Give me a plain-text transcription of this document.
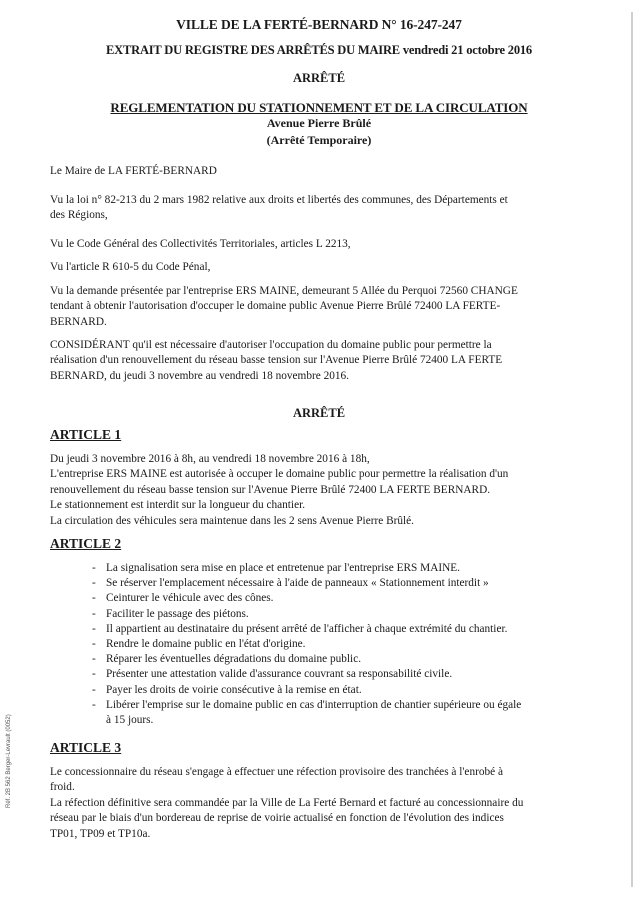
VILLE DE LA FERTÉ-BERNARD N° 16-247-247
EXTRAIT DU REGISTRE DES ARRÊTÉS DU MAIRE vendredi 21 octobre 2016
ARRÊTÉ
REGLEMENTATION DU STATIONNEMENT ET DE LA CIRCULATION
Avenue Pierre Brûlé
(Arrêté Temporaire)
Le Maire de LA FERTÉ-BERNARD
Vu la loi n° 82-213 du 2 mars 1982 relative aux droits et libertés des communes, des Départements et
des Régions,
Vu le Code Général des Collectivités Territoriales, articles L 2213,
Vu l'article R 610-5 du Code Pénal,
Vu la demande présentée par l'entreprise ERS MAINE, demeurant 5 Allée du Perquoi 72560 CHANGE
tendant à obtenir l'autorisation d'occuper le domaine public Avenue Pierre Brûlé 72400 LA FERTE-
BERNARD.
CONSIDÉRANT qu'il est nécessaire d'autoriser l'occupation du domaine public pour permettre la
réalisation d'un renouvellement du réseau basse tension sur l'Avenue Pierre Brûlé 72400 LA FERTE
BERNARD, du jeudi 3 novembre au vendredi 18 novembre 2016.
ARRÊTÉ
ARTICLE 1
Du jeudi 3 novembre 2016 à 8h, au vendredi 18 novembre 2016 à 18h,
L'entreprise ERS MAINE est autorisée à occuper le domaine public pour permettre la réalisation d'un
renouvellement du réseau basse tension sur l'Avenue Pierre Brûlé 72400 LA FERTE BERNARD.
Le stationnement est interdit sur la longueur du chantier.
La circulation des véhicules sera maintenue dans les 2 sens Avenue Pierre Brûlé.
ARTICLE 2
- La signalisation sera mise en place et entretenue par l'entreprise ERS MAINE.
- Se réserver l'emplacement nécessaire à l'aide de panneaux « Stationnement interdit »
- Ceinturer le véhicule avec des cônes.
- Faciliter le passage des piétons.
- Il appartient au destinataire du présent arrêté de l'afficher à chaque extrémité du chantier.
- Rendre le domaine public en l'état d'origine.
- Réparer les éventuelles dégradations du domaine public.
- Présenter une attestation valide d'assurance couvrant sa responsabilité civile.
- Payer les droits de voirie consécutive à la remise en état.
- Libérer l'emprise sur le domaine public en cas d'interruption de chantier supérieure ou égale
à 15 jours.
ARTICLE 3
Le concessionnaire du réseau s'engage à effectuer une réfection provisoire des tranchées à l'enrobé à
froid.
La réfection définitive sera commandée par la Ville de La Ferté Bernard et facturé au concessionnaire du
réseau par le biais d'un bordereau de reprise de voirie actualisé en fonction de l'évolution des indices
TP01, TP09 et TP10a.
Réf. 2B 562 Berger-Levrault (0052)
